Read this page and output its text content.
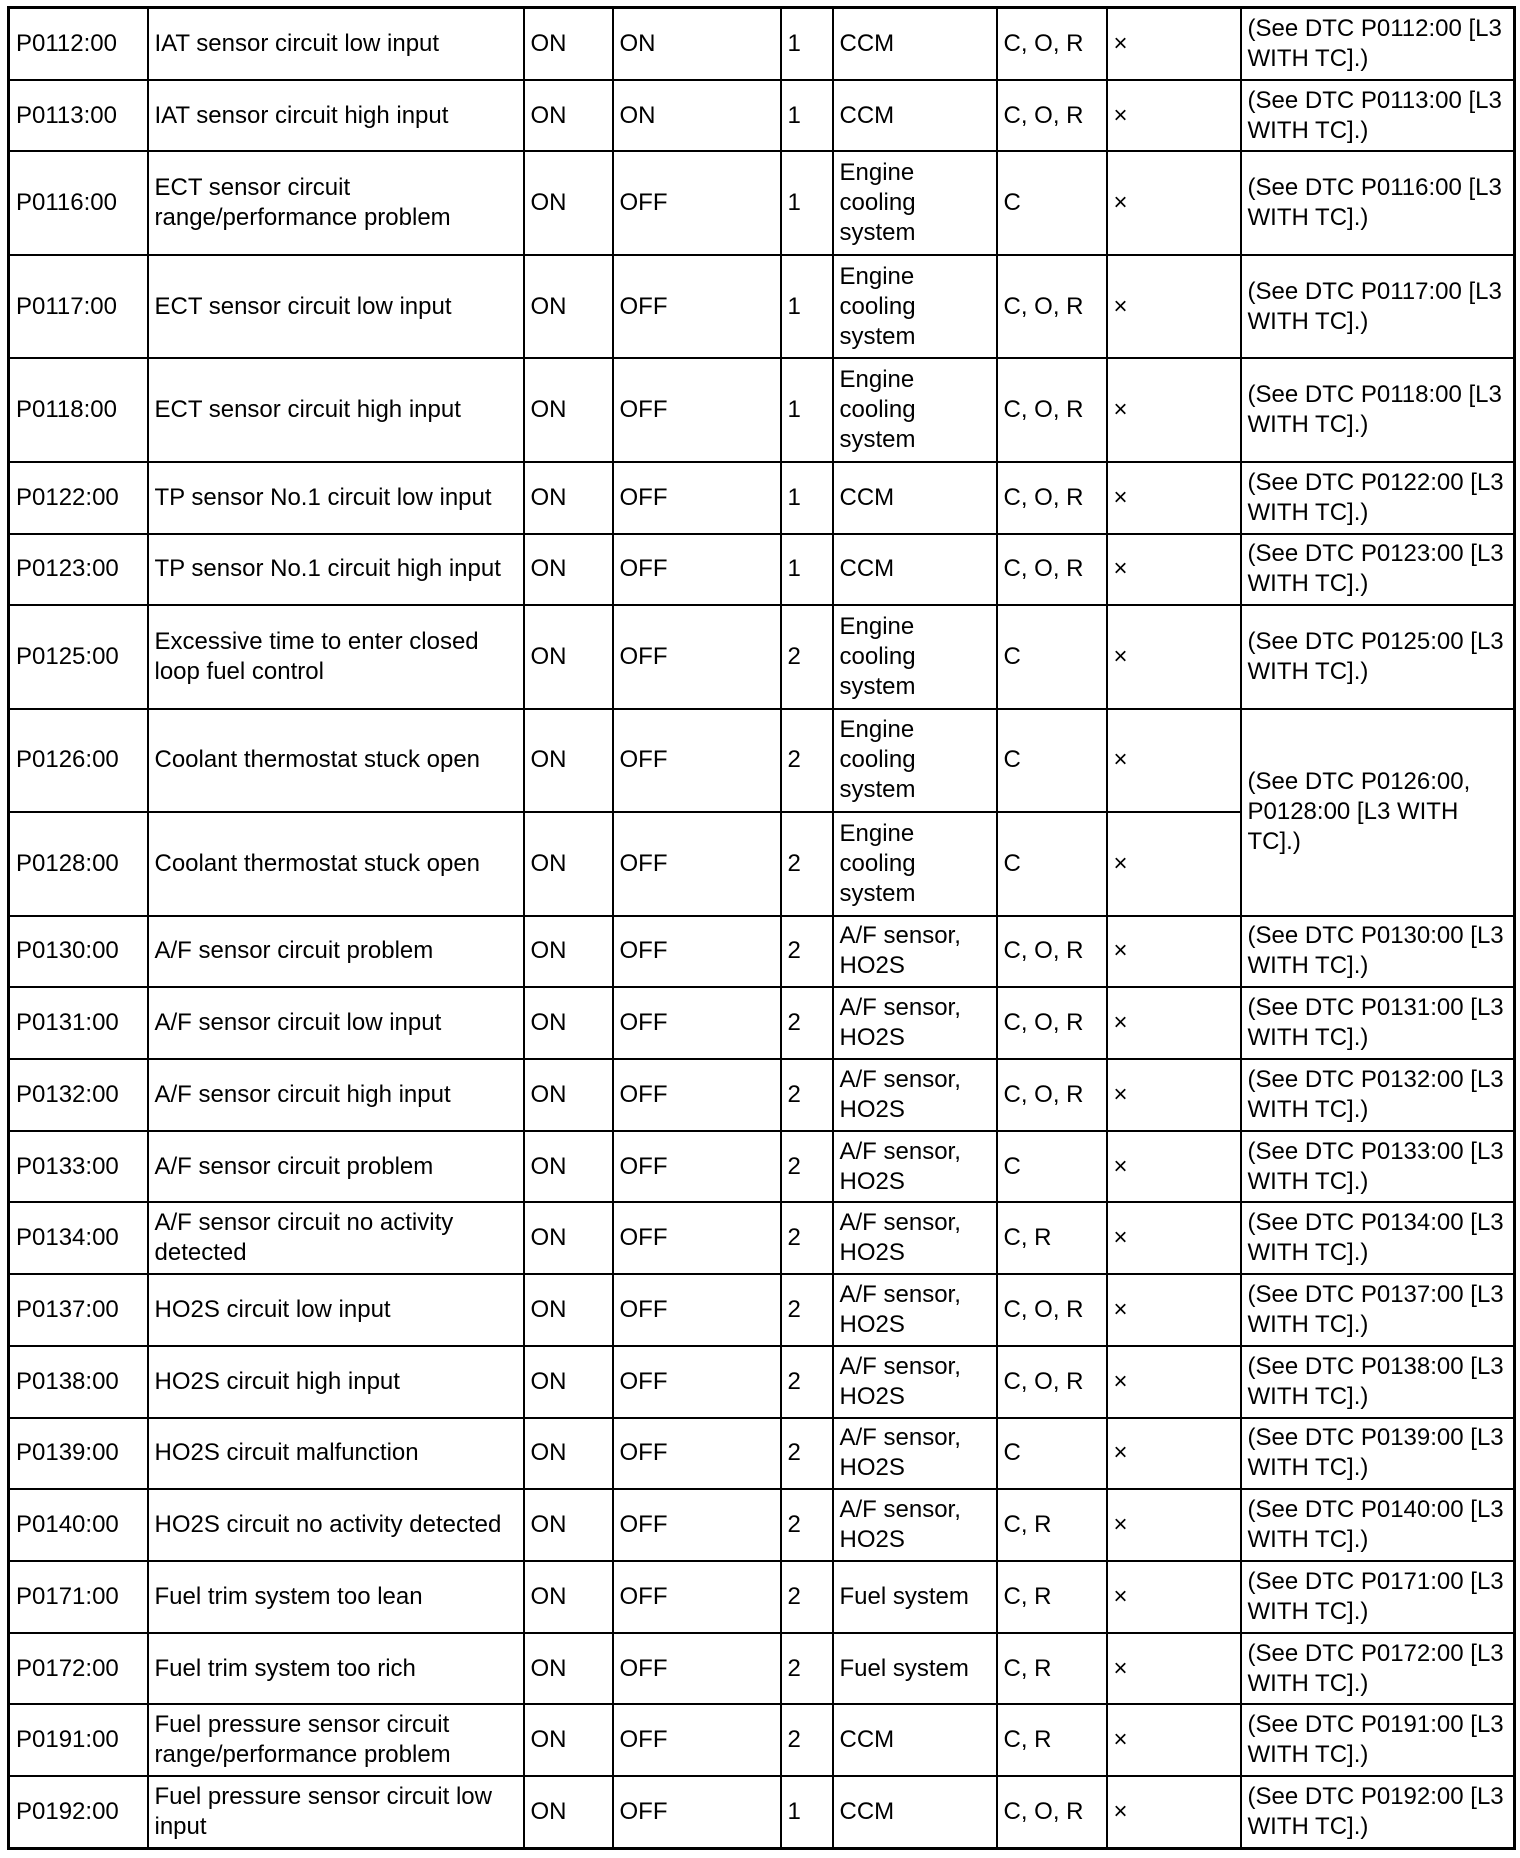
P0112:00	IAT sensor circuit low input	ON	ON	1	CCM	C, O, R	×	(See DTC P0112:00 [L3 WITH TC].)
P0113:00	IAT sensor circuit high input	ON	ON	1	CCM	C, O, R	×	(See DTC P0113:00 [L3 WITH TC].)
P0116:00	ECT sensor circuit range/performance problem	ON	OFF	1	Engine cooling system	C	×	(See DTC P0116:00 [L3 WITH TC].)
P0117:00	ECT sensor circuit low input	ON	OFF	1	Engine cooling system	C, O, R	×	(See DTC P0117:00 [L3 WITH TC].)
P0118:00	ECT sensor circuit high input	ON	OFF	1	Engine cooling system	C, O, R	×	(See DTC P0118:00 [L3 WITH TC].)
P0122:00	TP sensor No.1 circuit low input	ON	OFF	1	CCM	C, O, R	×	(See DTC P0122:00 [L3 WITH TC].)
P0123:00	TP sensor No.1 circuit high input	ON	OFF	1	CCM	C, O, R	×	(See DTC P0123:00 [L3 WITH TC].)
P0125:00	Excessive time to enter closed loop fuel control	ON	OFF	2	Engine cooling system	C	×	(See DTC P0125:00 [L3 WITH TC].)
P0126:00	Coolant thermostat stuck open	ON	OFF	2	Engine cooling system	C	×	(See DTC P0126:00, P0128:00 [L3 WITH TC].)
P0128:00	Coolant thermostat stuck open	ON	OFF	2	Engine cooling system	C	×	
P0130:00	A/F sensor circuit problem	ON	OFF	2	A/F sensor, HO2S	C, O, R	×	(See DTC P0130:00 [L3 WITH TC].)
P0131:00	A/F sensor circuit low input	ON	OFF	2	A/F sensor, HO2S	C, O, R	×	(See DTC P0131:00 [L3 WITH TC].)
P0132:00	A/F sensor circuit high input	ON	OFF	2	A/F sensor, HO2S	C, O, R	×	(See DTC P0132:00 [L3 WITH TC].)
P0133:00	A/F sensor circuit problem	ON	OFF	2	A/F sensor, HO2S	C	×	(See DTC P0133:00 [L3 WITH TC].)
P0134:00	A/F sensor circuit no activity detected	ON	OFF	2	A/F sensor, HO2S	C, R	×	(See DTC P0134:00 [L3 WITH TC].)
P0137:00	HO2S circuit low input	ON	OFF	2	A/F sensor, HO2S	C, O, R	×	(See DTC P0137:00 [L3 WITH TC].)
P0138:00	HO2S circuit high input	ON	OFF	2	A/F sensor, HO2S	C, O, R	×	(See DTC P0138:00 [L3 WITH TC].)
P0139:00	HO2S circuit malfunction	ON	OFF	2	A/F sensor, HO2S	C	×	(See DTC P0139:00 [L3 WITH TC].)
P0140:00	HO2S circuit no activity detected	ON	OFF	2	A/F sensor, HO2S	C, R	×	(See DTC P0140:00 [L3 WITH TC].)
P0171:00	Fuel trim system too lean	ON	OFF	2	Fuel system	C, R	×	(See DTC P0171:00 [L3 WITH TC].)
P0172:00	Fuel trim system too rich	ON	OFF	2	Fuel system	C, R	×	(See DTC P0172:00 [L3 WITH TC].)
P0191:00	Fuel pressure sensor circuit range/performance problem	ON	OFF	2	CCM	C, R	×	(See DTC P0191:00 [L3 WITH TC].)
P0192:00	Fuel pressure sensor circuit low input	ON	OFF	1	CCM	C, O, R	×	(See DTC P0192:00 [L3 WITH TC].)
